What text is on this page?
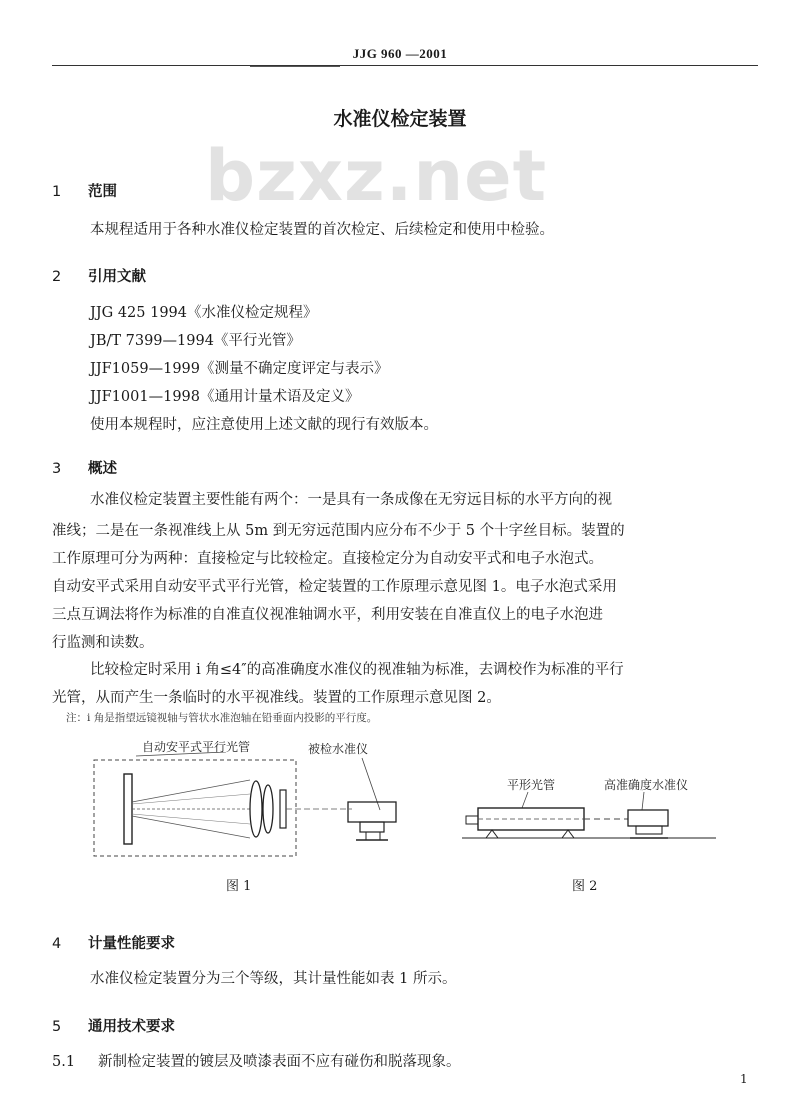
JJG 960 —2001
水准仪检定装置
bzxz.net
1 范围
本规程适用于各种水准仪检定装置的首次检定、后续检定和使用中检验。
2 引用文献
JJG 425 1994《水准仪检定规程》
JB/T 7399—1994《平行光管》
JJF1059—1999《测量不确定度评定与表示》
JJF1001—1998《通用计量术语及定义》
使用本规程时，应注意使用上述文献的现行有效版本。
3 概述
水准仪检定装置主要性能有两个：一是具有一条成像在无穷远目标的水平方向的视
准线；二是在一条视准线上从 5m 到无穷远范围内应分布不少于 5 个十字丝目标。装置的
工作原理可分为两种：直接检定与比较检定。直接检定分为自动安平式和电子水泡式。
自动安平式采用自动安平式平行光管，检定装置的工作原理示意见图 1。电子水泡式采用
三点互调法将作为标准的自准直仪视准轴调水平，利用安装在自准直仪上的电子水泡进
行监测和读数。
比较检定时采用 i 角≤4″的高准确度水准仪的视准轴为标准，去调校作为标准的平行
光管，从而产生一条临时的水平视准线。装置的工作原理示意见图 2。
注：i 角是指望远镜视轴与管状水准泡轴在铅垂面内投影的平行度。
自动安平式平行光管	被检水准仪
图 1
平形光管	高准确度水准仪
图 2
4 计量性能要求
水准仪检定装置分为三个等级，其计量性能如表 1 所示。
5 通用技术要求
5.1 新制检定装置的镀层及喷漆表面不应有碰伤和脱落现象。
1
